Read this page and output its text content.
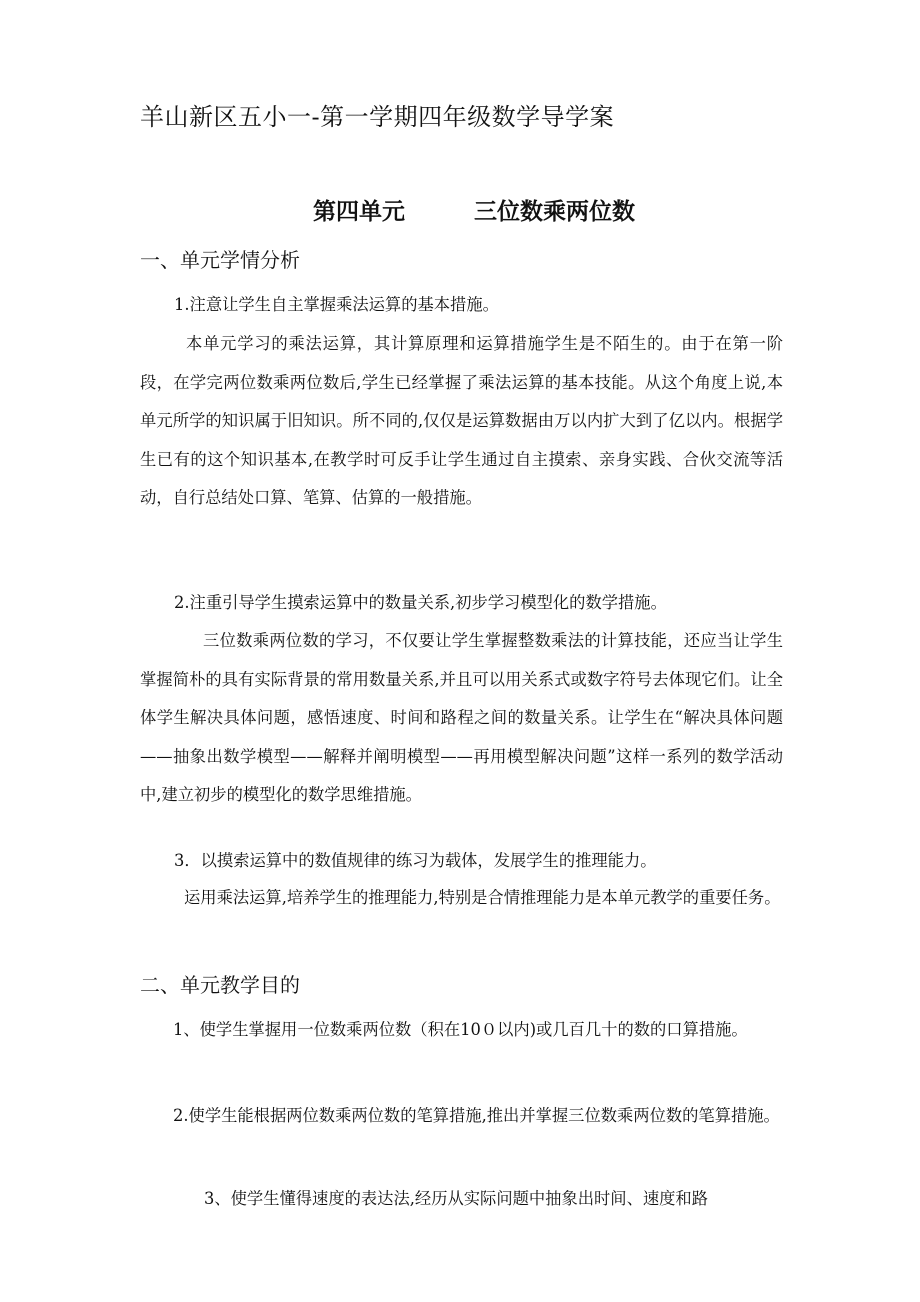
羊山新区五小一-第一学期四年级数学导学案
第四单元	三位数乘两位数
一、单元学情分析
1.注意让学生自主掌握乘法运算的基本措施。
本单元学习的乘法运算，其计算原理和运算措施学生是不陌生的。由于在第一阶段，在学完两位数乘两位数后,学生已经掌握了乘法运算的基本技能。从这个角度上说,本单元所学的知识属于旧知识。所不同的,仅仅是运算数据由万以内扩大到了亿以内。根据学生已有的这个知识基本,在教学时可反手让学生通过自主摸索、亲身实践、合伙交流等活动，自行总结处口算、笔算、估算的一般措施。
2.注重引导学生摸索运算中的数量关系,初步学习模型化的数学措施。
三位数乘两位数的学习，不仅要让学生掌握整数乘法的计算技能，还应当让学生掌握简朴的具有实际背景的常用数量关系,并且可以用关系式或数字符号去体现它们。让全体学生解决具体问题，感悟速度、时间和路程之间的数量关系。让学生在“解决具体问题——抽象出数学模型——解释并阐明模型——再用模型解决问题”这样一系列的数学活动中,建立初步的模型化的数学思维措施。
3．以摸索运算中的数值规律的练习为载体，发展学生的推理能力。
运用乘法运算,培养学生的推理能力,特别是合情推理能力是本单元教学的重要任务。
二、单元教学目的
1、使学生掌握用一位数乘两位数（积在10０以内)或几百几十的数的口算措施。
2.使学生能根据两位数乘两位数的笔算措施,推出并掌握三位数乘两位数的笔算措施。
3、使学生懂得速度的表达法,经历从实际问题中抽象出时间、速度和路
